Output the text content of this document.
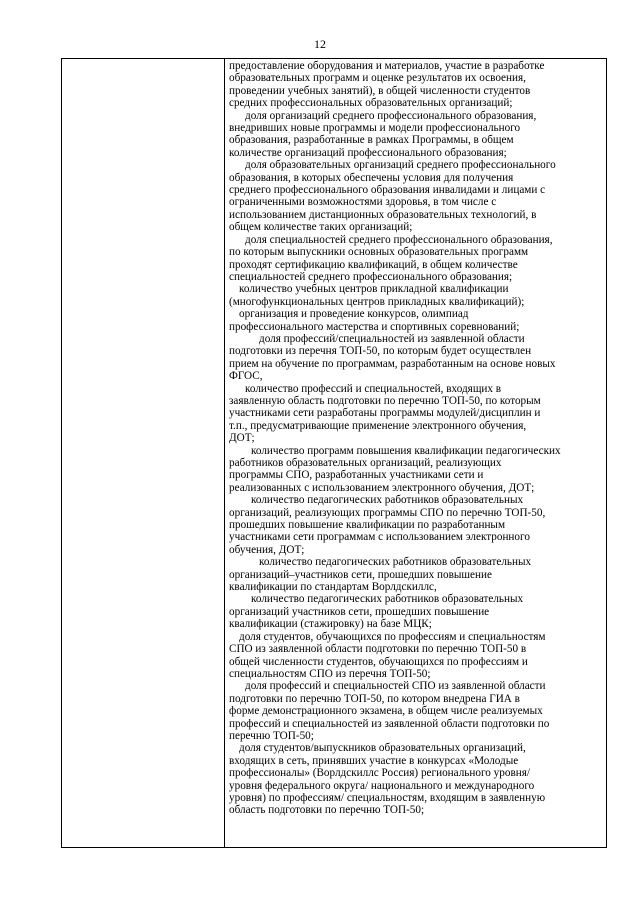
12
предоставление оборудования и материалов, участие в разработке
образовательных программ и оценке результатов их освоения,
проведении учебных занятий), в общей численности студентов
средних профессиональных образовательных организаций;
доля организаций среднего профессионального образования,
внедривших новые программы и модели профессионального
образования, разработанные в рамках Программы, в общем
количестве организаций профессионального образования;
доля образовательных организаций среднего профессионального
образования, в которых обеспечены условия для получения
среднего профессионального образования инвалидами и лицами с
ограниченными возможностями здоровья, в том числе с
использованием дистанционных образовательных технологий, в
общем количестве таких организаций;
доля специальностей среднего профессионального образования,
по которым выпускники основных образовательных программ
проходят сертификацию квалификаций, в общем количестве
специальностей среднего профессионального образования;
количество учебных центров прикладной квалификации
(многофункциональных центров прикладных квалификаций);
организация и проведение конкурсов, олимпиад
профессионального мастерства и спортивных соревнований;
доля профессий/специальностей из заявленной области
подготовки из перечня ТОП-50, по которым будет осуществлен
прием на обучение по программам, разработанным на основе новых
ФГОС,
количество профессий и специальностей, входящих в
заявленную область подготовки по перечню ТОП-50, по которым
участниками сети разработаны программы модулей/дисциплин и
т.п., предусматривающие применение электронного обучения,
ДОТ;
количество программ повышения квалификации педагогических
работников образовательных организаций, реализующих
программы СПО, разработанных участниками сети и
реализованных с использованием электронного обучения, ДОТ;
количество педагогических работников образовательных
организаций, реализующих программы СПО по перечню ТОП-50,
прошедших повышение квалификации по разработанным
участниками сети программам с использованием электронного
обучения, ДОТ;
количество педагогических работников образовательных
организаций–участников сети, прошедших повышение
квалификации по стандартам Ворлдскиллс,
количество педагогических работников образовательных
организаций участников сети, прошедших повышение
квалификации (стажировку) на базе МЦК;
доля студентов, обучающихся по профессиям и специальностям
СПО из заявленной области подготовки по перечню ТОП-50 в
общей численности студентов, обучающихся по профессиям и
специальностям СПО из перечня ТОП-50;
доля профессий и специальностей СПО из заявленной области
подготовки по перечню ТОП-50, по котором внедрена ГИА в
форме демонстрационного экзамена, в общем числе реализуемых
профессий и специальностей из заявленной области подготовки по
перечню ТОП-50;
доля студентов/выпускников образовательных организаций,
входящих в сеть, принявших участие в конкурсах «Молодые
профессионалы» (Ворлдскиллс Россия) регионального уровня/
уровня федерального округа/ национального и международного
уровня) по профессиям/ специальностям, входящим в заявленную
область подготовки по перечню ТОП-50;
